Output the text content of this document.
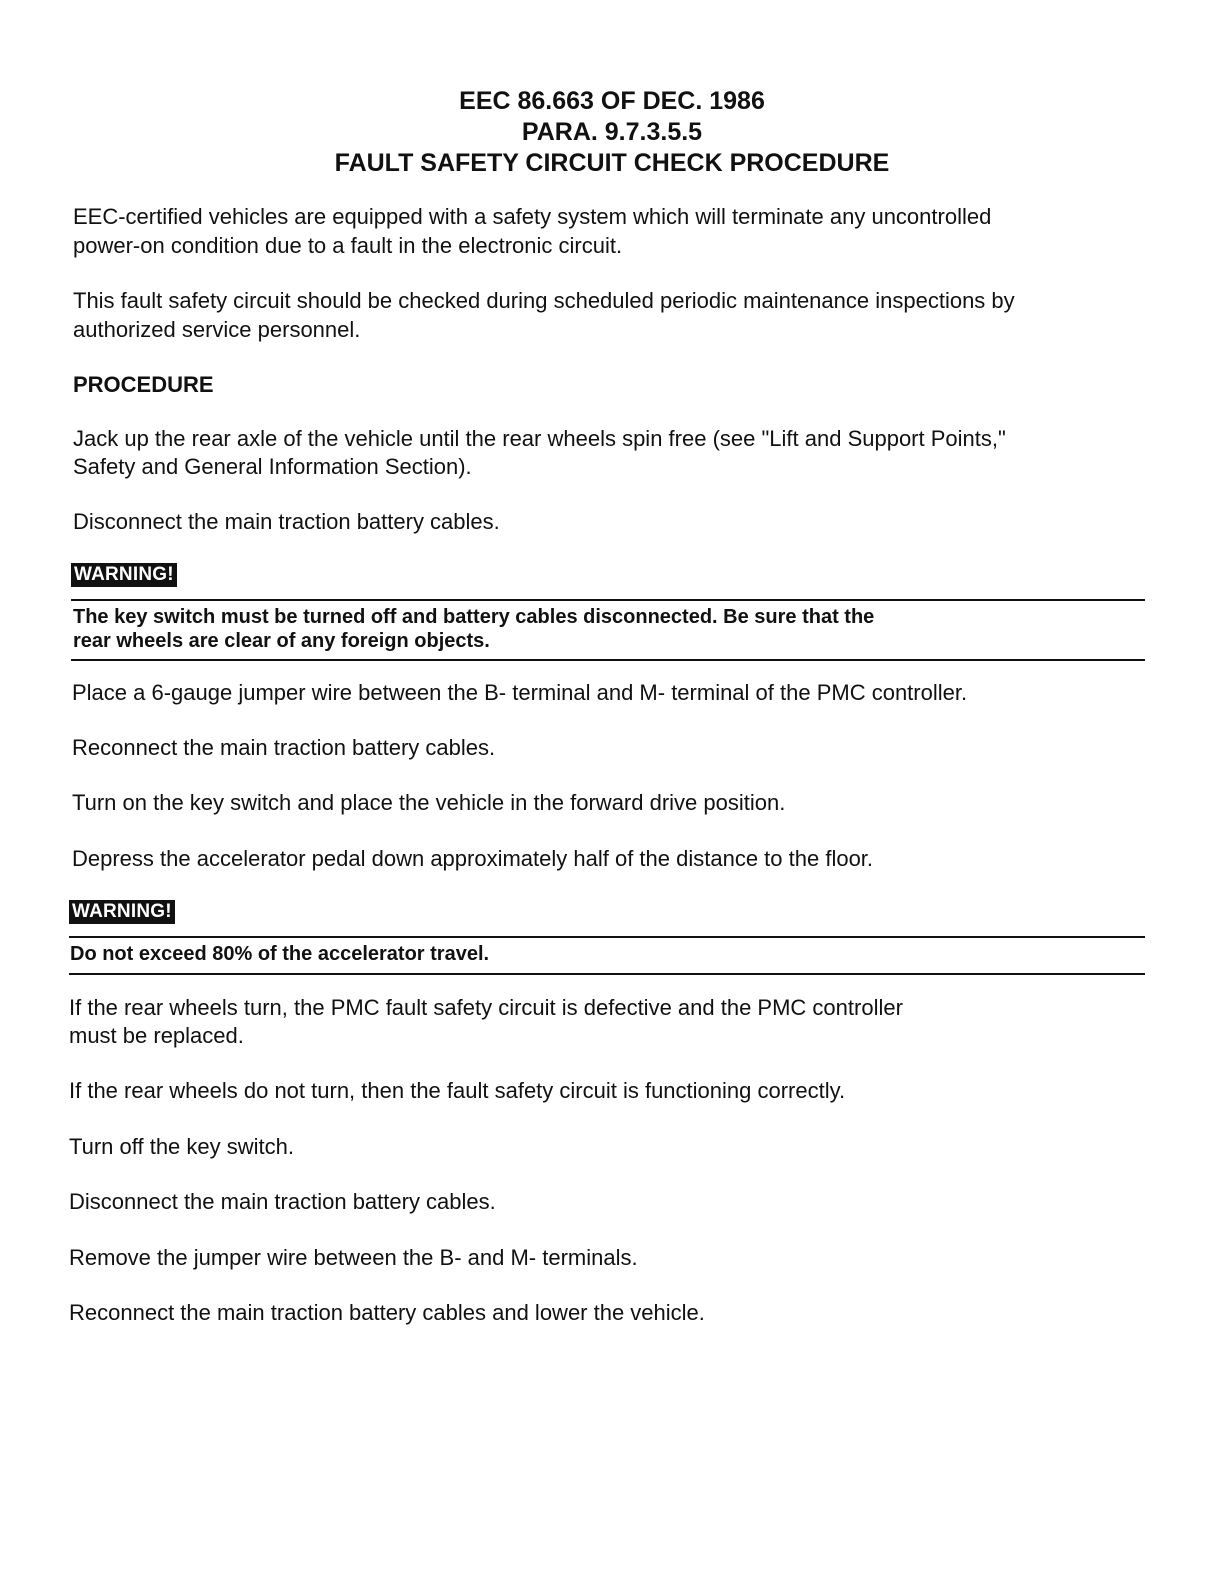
EEC 86.663 OF DEC. 1986
PARA. 9.7.3.5.5
FAULT SAFETY CIRCUIT CHECK PROCEDURE
EEC-certified vehicles are equipped with a safety system which will terminate any uncontrolled
power-on condition due to a fault in the electronic circuit.
This fault safety circuit should be checked during scheduled periodic maintenance inspections by
authorized service personnel.
PROCEDURE
Jack up the rear axle of the vehicle until the rear wheels spin free (see "Lift and Support Points,"
Safety and General Information Section).
Disconnect the main traction battery cables.
WARNING!
The key switch must be turned off and battery cables disconnected. Be sure that the
rear wheels are clear of any foreign objects.
Place a 6-gauge jumper wire between the B- terminal and M- terminal of the PMC controller.
Reconnect the main traction battery cables.
Turn on the key switch and place the vehicle in the forward drive position.
Depress the accelerator pedal down approximately half of the distance to the floor.
WARNING!
Do not exceed 80% of the accelerator travel.
If the rear wheels turn, the PMC fault safety circuit is defective and the PMC controller
must be replaced.
If the rear wheels do not turn, then the fault safety circuit is functioning correctly.
Turn off the key switch.
Disconnect the main traction battery cables.
Remove the jumper wire between the B- and M- terminals.
Reconnect the main traction battery cables and lower the vehicle.
